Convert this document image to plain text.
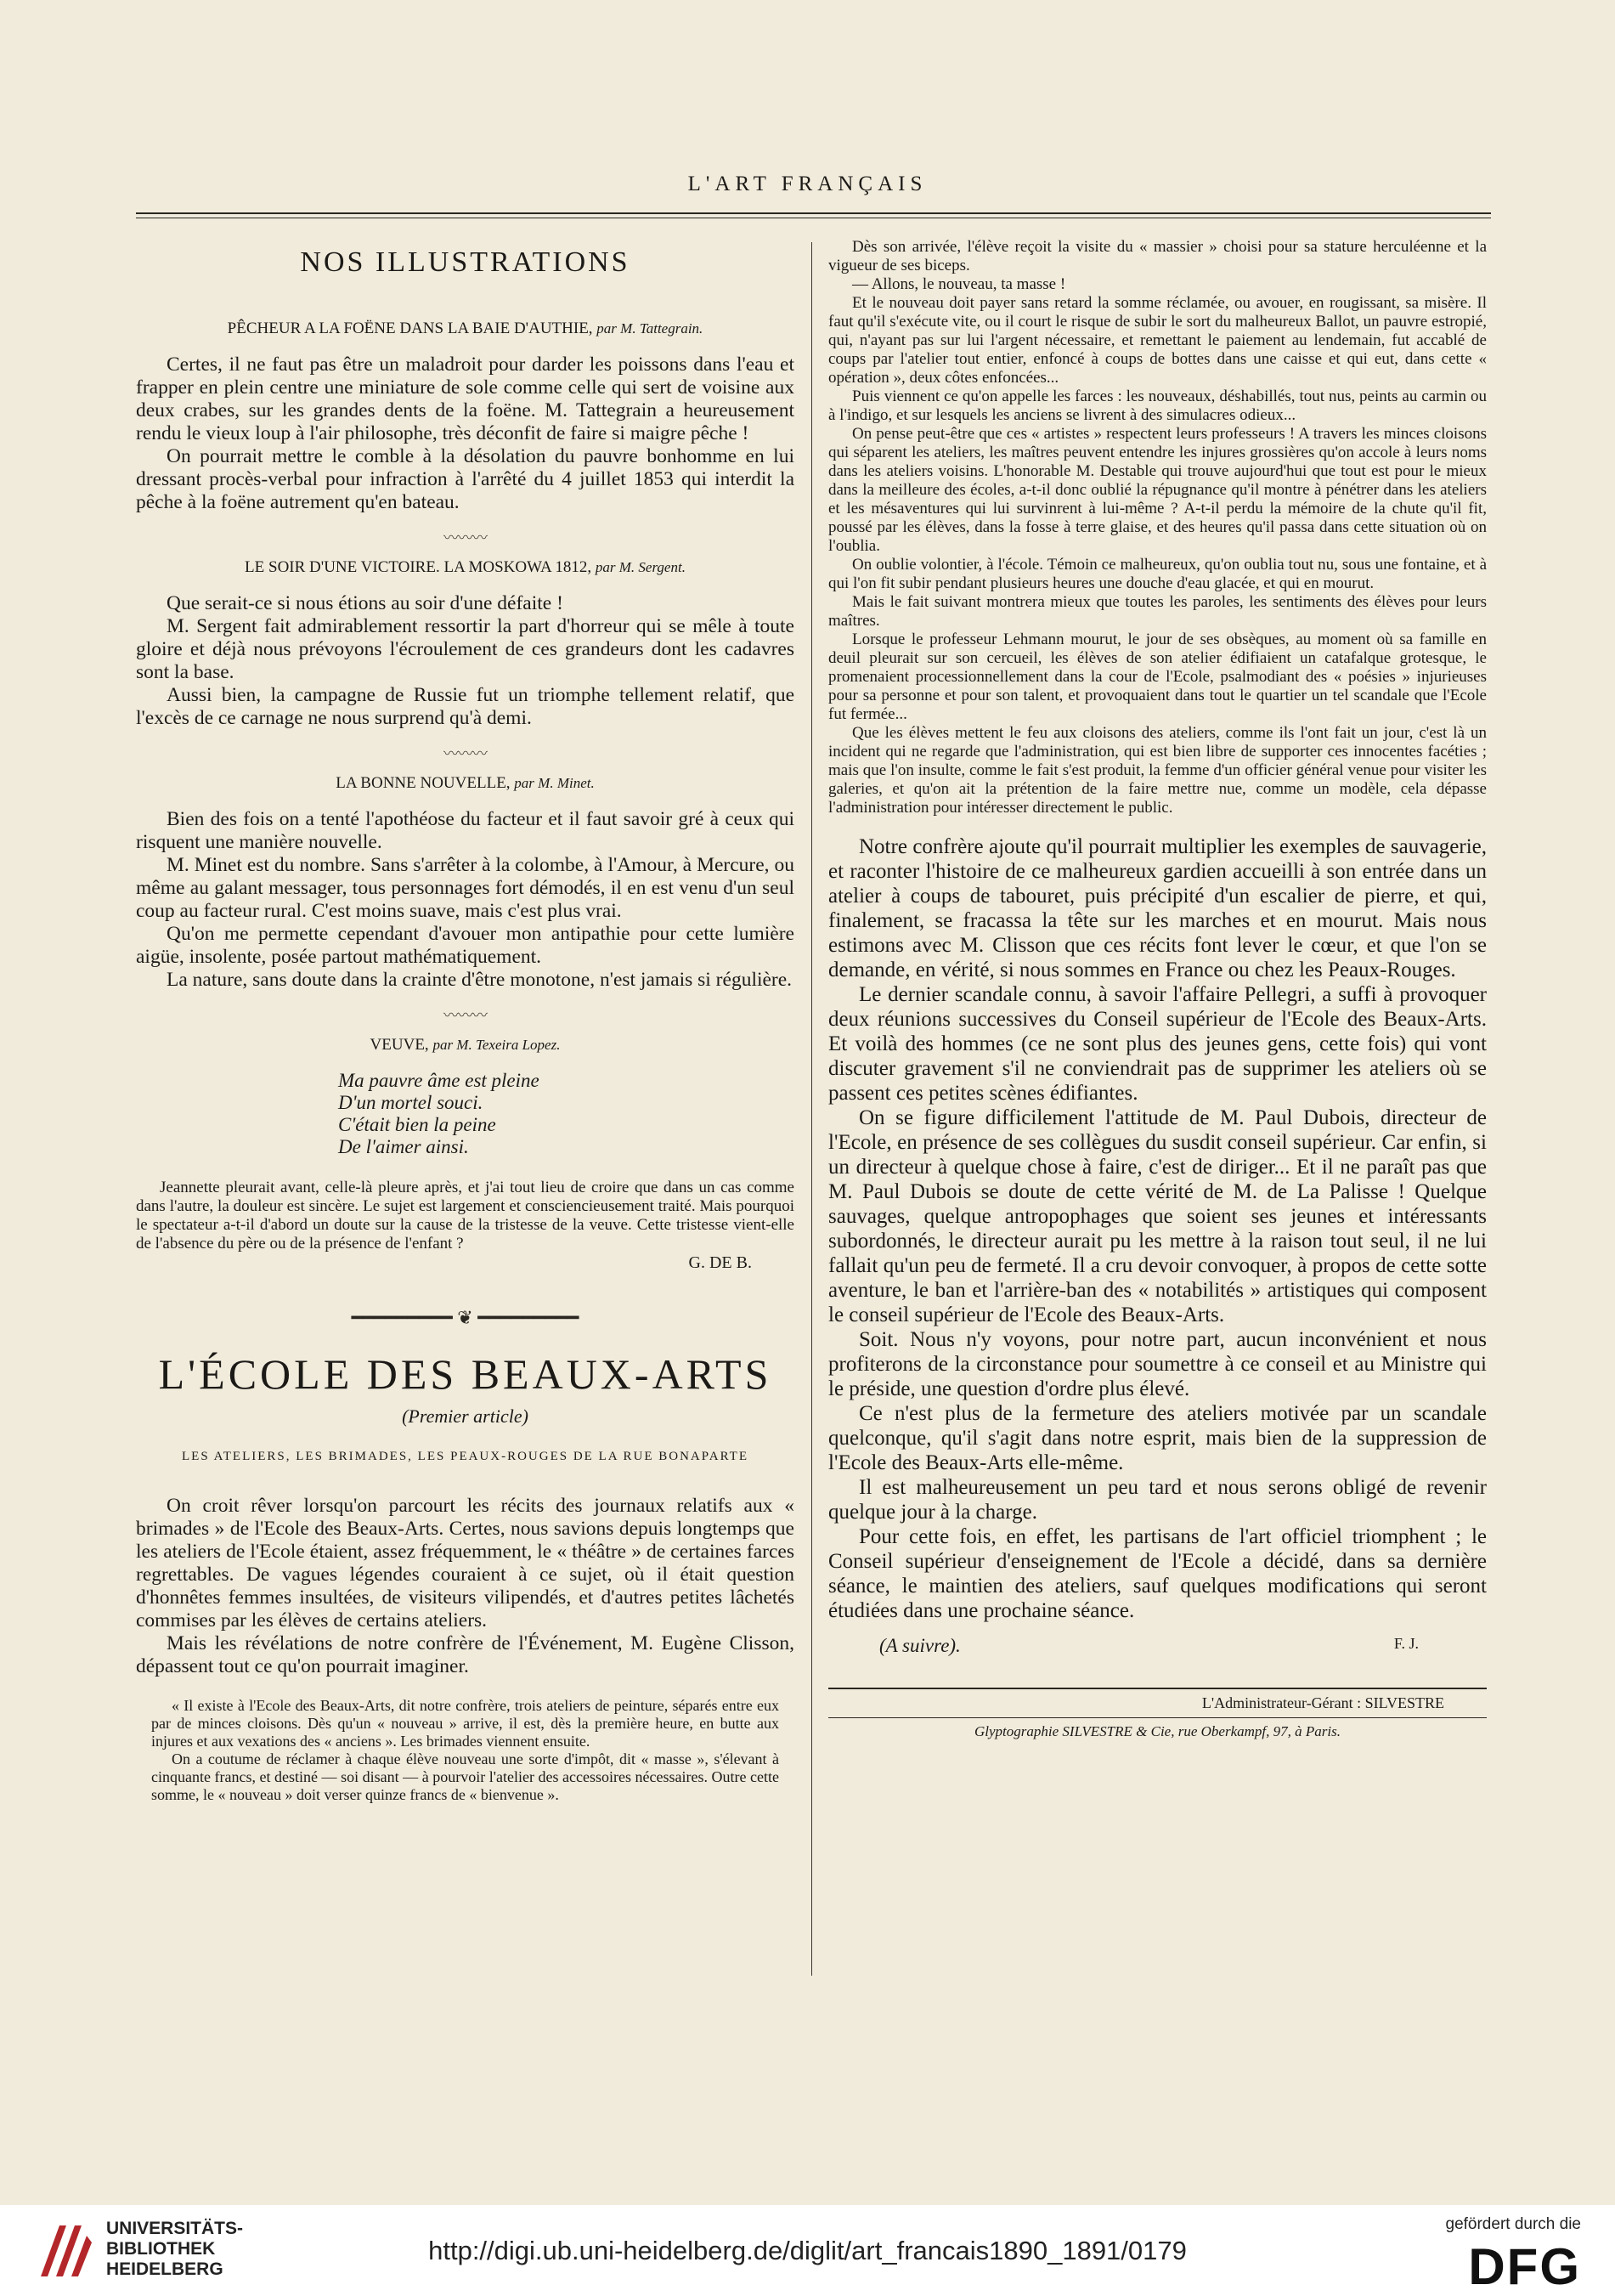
L'ART FRANÇAIS
NOS ILLUSTRATIONS
PÊCHEUR A LA FOËNE DANS LA BAIE D'AUTHIE, par M. Tattegrain.

Certes, il ne faut pas être un maladroit pour darder les poissons dans l'eau et frapper en plein centre une miniature de sole comme celle qui sert de voisine aux deux crabes, sur les grandes dents de la foëne. M. Tattegrain a heureusement rendu le vieux loup à l'air philosophe, très déconfit de faire si maigre pêche !

On pourrait mettre le comble à la désolation du pauvre bonhomme en lui dressant procès-verbal pour infraction à l'arrêté du 4 juillet 1853 qui interdit la pêche à la foëne autrement qu'en bateau.

〰〰〰
LE SOIR D'UNE VICTOIRE. LA MOSKOWA 1812, par M. Sergent.

Que serait-ce si nous étions au soir d'une défaite !

M. Sergent fait admirablement ressortir la part d'horreur qui se mêle à toute gloire et déjà nous prévoyons l'écroulement de ces grandeurs dont les cadavres sont la base.

Aussi bien, la campagne de Russie fut un triomphe tellement relatif, que l'excès de ce carnage ne nous surprend qu'à demi.

〰〰〰
LA BONNE NOUVELLE, par M. Minet.

Bien des fois on a tenté l'apothéose du facteur et il faut savoir gré à ceux qui risquent une manière nouvelle.

M. Minet est du nombre. Sans s'arrêter à la colombe, à l'Amour, à Mercure, ou même au galant messager, tous personnages fort démodés, il en est venu d'un seul coup au facteur rural. C'est moins suave, mais c'est plus vrai.

Qu'on me permette cependant d'avouer mon antipathie pour cette lumière aigüe, insolente, posée partout mathématiquement.

La nature, sans doute dans la crainte d'être monotone, n'est jamais si régulière.

〰〰〰
VEUVE, par M. Texeira Lopez.
Ma pauvre âme est pleine
D'un mortel souci.
C'était bien la peine
De l'aimer ainsi.

Jeannette pleurait avant, celle-là pleure après, et j'ai tout lieu de croire que dans un cas comme dans l'autre, la douleur est sincère. Le sujet est largement et consciencieusement traité. Mais pourquoi le spectateur a-t-il d'abord un doute sur la cause de la tristesse de la veuve. Cette tristesse vient-elle de l'absence du père ou de la présence de l'enfant ?

G. DE B.
━━━━━━━━━ ❦ ━━━━━━━━━
L'ÉCOLE DES BEAUX-ARTS
(Premier article)
LES ATELIERS, LES BRIMADES, LES PEAUX-ROUGES DE LA RUE BONAPARTE

On croit rêver lorsqu'on parcourt les récits des journaux relatifs aux « brimades » de l'Ecole des Beaux-Arts. Certes, nous savions depuis longtemps que les ateliers de l'Ecole étaient, assez fréquemment, le « théâtre » de certaines farces regrettables. De vagues légendes couraient à ce sujet, où il était question d'honnêtes femmes insultées, de visiteurs vilipendés, et d'autres petites lâchetés commises par les élèves de certains ateliers.

Mais les révélations de notre confrère de l'Événement, M. Eugène Clisson, dépassent tout ce qu'on pourrait imaginer.

« Il existe à l'Ecole des Beaux-Arts, dit notre confrère, trois ateliers de peinture, séparés entre eux par de minces cloisons. Dès qu'un « nouveau » arrive, il est, dès la première heure, en butte aux injures et aux vexations des « anciens ». Les brimades viennent ensuite.

On a coutume de réclamer à chaque élève nouveau une sorte d'impôt, dit « masse », s'élevant à cinquante francs, et destiné — soi disant — à pourvoir l'atelier des accessoires nécessaires. Outre cette somme, le « nouveau » doit verser quinze francs de « bienvenue ».

Dès son arrivée, l'élève reçoit la visite du « massier » choisi pour sa stature herculéenne et la vigueur de ses biceps.

— Allons, le nouveau, ta masse !

Et le nouveau doit payer sans retard la somme réclamée, ou avouer, en rougissant, sa misère. Il faut qu'il s'exécute vite, ou il court le risque de subir le sort du malheureux Ballot, un pauvre estropié, qui, n'ayant pas sur lui l'argent nécessaire, et remettant le paiement au lendemain, fut accablé de coups par l'atelier tout entier, enfoncé à coups de bottes dans une caisse et qui eut, dans cette « opération », deux côtes enfoncées...

Puis viennent ce qu'on appelle les farces : les nouveaux, déshabillés, tout nus, peints au carmin ou à l'indigo, et sur lesquels les anciens se livrent à des simulacres odieux...

On pense peut-être que ces « artistes » respectent leurs professeurs ! A travers les minces cloisons qui séparent les ateliers, les maîtres peuvent entendre les injures grossières qu'on accole à leurs noms dans les ateliers voisins. L'honorable M. Destable qui trouve aujourd'hui que tout est pour le mieux dans la meilleure des écoles, a-t-il donc oublié la répugnance qu'il montre à pénétrer dans les ateliers et les mésaventures qui lui survinrent à lui-même ? A-t-il perdu la mémoire de la chute qu'il fit, poussé par les élèves, dans la fosse à terre glaise, et des heures qu'il passa dans cette situation où on l'oublia.

On oublie volontier, à l'école. Témoin ce malheureux, qu'on oublia tout nu, sous une fontaine, et à qui l'on fit subir pendant plusieurs heures une douche d'eau glacée, et qui en mourut.

Mais le fait suivant montrera mieux que toutes les paroles, les sentiments des élèves pour leurs maîtres.

Lorsque le professeur Lehmann mourut, le jour de ses obsèques, au moment où sa famille en deuil pleurait sur son cercueil, les élèves de son atelier édifiaient un catafalque grotesque, le promenaient processionnellement dans la cour de l'Ecole, psalmodiant des « poésies » injurieuses pour sa personne et pour son talent, et provoquaient dans tout le quartier un tel scandale que l'Ecole fut fermée...

Que les élèves mettent le feu aux cloisons des ateliers, comme ils l'ont fait un jour, c'est là un incident qui ne regarde que l'administration, qui est bien libre de supporter ces innocentes facéties ; mais que l'on insulte, comme le fait s'est produit, la femme d'un officier général venue pour visiter les galeries, et qu'on ait la prétention de la faire mettre nue, comme un modèle, cela dépasse l'administration pour intéresser directement le public.

Notre confrère ajoute qu'il pourrait multiplier les exemples de sauvagerie, et raconter l'histoire de ce malheureux gardien accueilli à son entrée dans un atelier à coups de tabouret, puis précipité d'un escalier de pierre, et qui, finalement, se fracassa la tête sur les marches et en mourut. Mais nous estimons avec M. Clisson que ces récits font lever le cœur, et que l'on se demande, en vérité, si nous sommes en France ou chez les Peaux-Rouges.

Le dernier scandale connu, à savoir l'affaire Pellegri, a suffi à provoquer deux réunions successives du Conseil supérieur de l'Ecole des Beaux-Arts. Et voilà des hommes (ce ne sont plus des jeunes gens, cette fois) qui vont discuter gravement s'il ne conviendrait pas de supprimer les ateliers où se passent ces petites scènes édifiantes.

On se figure difficilement l'attitude de M. Paul Dubois, directeur de l'Ecole, en présence de ses collègues du susdit conseil supérieur. Car enfin, si un directeur à quelque chose à faire, c'est de diriger... Et il ne paraît pas que M. Paul Dubois se doute de cette vérité de M. de La Palisse ! Quelque sauvages, quelque antropophages que soient ses jeunes et intéressants subordonnés, le directeur aurait pu les mettre à la raison tout seul, il ne lui fallait qu'un peu de fermeté. Il a cru devoir convoquer, à propos de cette sotte aventure, le ban et l'arrière-ban des « notabilités » artistiques qui composent le conseil supérieur de l'Ecole des Beaux-Arts.

Soit. Nous n'y voyons, pour notre part, aucun inconvénient et nous profiterons de la circonstance pour soumettre à ce conseil et au Ministre qui le préside, une question d'ordre plus élevé.

Ce n'est plus de la fermeture des ateliers motivée par un scandale quelconque, qu'il s'agit dans notre esprit, mais bien de la suppression de l'Ecole des Beaux-Arts elle-même.

Il est malheureusement un peu tard et nous serons obligé de revenir quelque jour à la charge.

Pour cette fois, en effet, les partisans de l'art officiel triomphent ; le Conseil supérieur d'enseignement de l'Ecole a décidé, dans sa dernière séance, le maintien des ateliers, sauf quelques modifications qui seront étudiées dans une prochaine séance.

(A suivre).	F. J.
L'Administrateur-Gérant : SILVESTRE
Glyptographie SILVESTRE & Cie, rue Oberkampf, 97, à Paris.
UNIVERSITÄTS-
BIBLIOTHEK
HEIDELBERG
http://digi.ub.uni-heidelberg.de/diglit/art_francais1890_1891/0179
gefördert durch die
DFG
